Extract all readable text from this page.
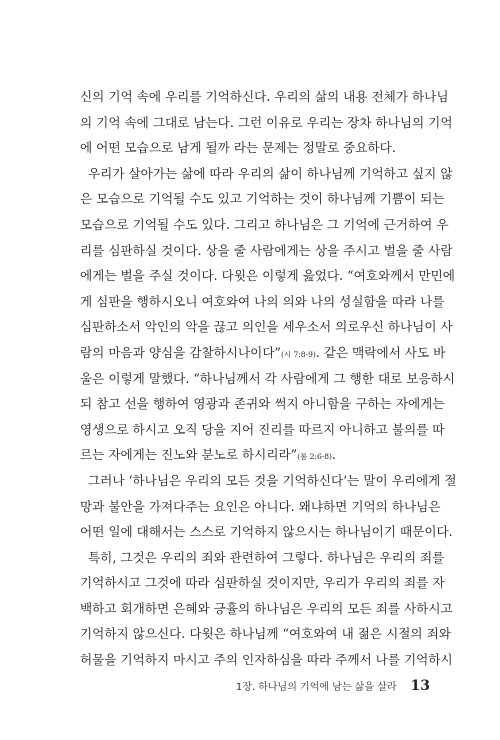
신의 기억 속에 우리를 기억하신다. 우리의 삶의 내용 전체가 하나님
의 기억 속에 그대로 남는다. 그런 이유로 우리는 장차 하나님의 기억
에 어떤 모습으로 남게 될까 라는 문제는 정말로 중요하다.
우리가 살아가는 삶에 따라 우리의 삶이 하나님께 기억하고 싶지 않
은 모습으로 기억될 수도 있고 기억하는 것이 하나님께 기쁨이 되는
모습으로 기억될 수도 있다. 그리고 하나님은 그 기억에 근거하여 우
리를 심판하실 것이다. 상을 줄 사람에게는 상을 주시고 벌을 줄 사람
에게는 벌을 주실 것이다. 다윗은 이렇게 읊었다. “여호와께서 만민에
게 심판을 행하시오니 여호와여 나의 의와 나의 성실함을 따라 나를
심판하소서 악인의 악을 끊고 의인을 세우소서 의로우신 하나님이 사
람의 마음과 양심을 감찰하시나이다”(시 7:8-9). 같은 맥락에서 사도 바
울은 이렇게 말했다. “하나님께서 각 사람에게 그 행한 대로 보응하시
되 참고 선을 행하여 영광과 존귀와 썩지 아니함을 구하는 자에게는
영생으로 하시고 오직 당을 지어 진리를 따르지 아니하고 불의를 따
르는 자에게는 진노와 분노로 하시리라”(롬 2:6-8).
그러나 ‘하나님은 우리의 모든 것을 기억하신다’는 말이 우리에게 절
망과 불안을 가져다주는 요인은 아니다. 왜냐하면 기억의 하나님은
어떤 일에 대해서는 스스로 기억하지 않으시는 하나님이기 때문이다.
특히, 그것은 우리의 죄와 관련하여 그렇다. 하나님은 우리의 죄를
기억하시고 그것에 따라 심판하실 것이지만, 우리가 우리의 죄를 자
백하고 회개하면 은혜와 긍휼의 하나님은 우리의 모든 죄를 사하시고
기억하지 않으신다. 다윗은 하나님께 “여호와여 내 젊은 시절의 죄와
허물을 기억하지 마시고 주의 인자하심을 따라 주께서 나를 기억하시
1장. 하나님의 기억에 남는 삶을 살라 13
